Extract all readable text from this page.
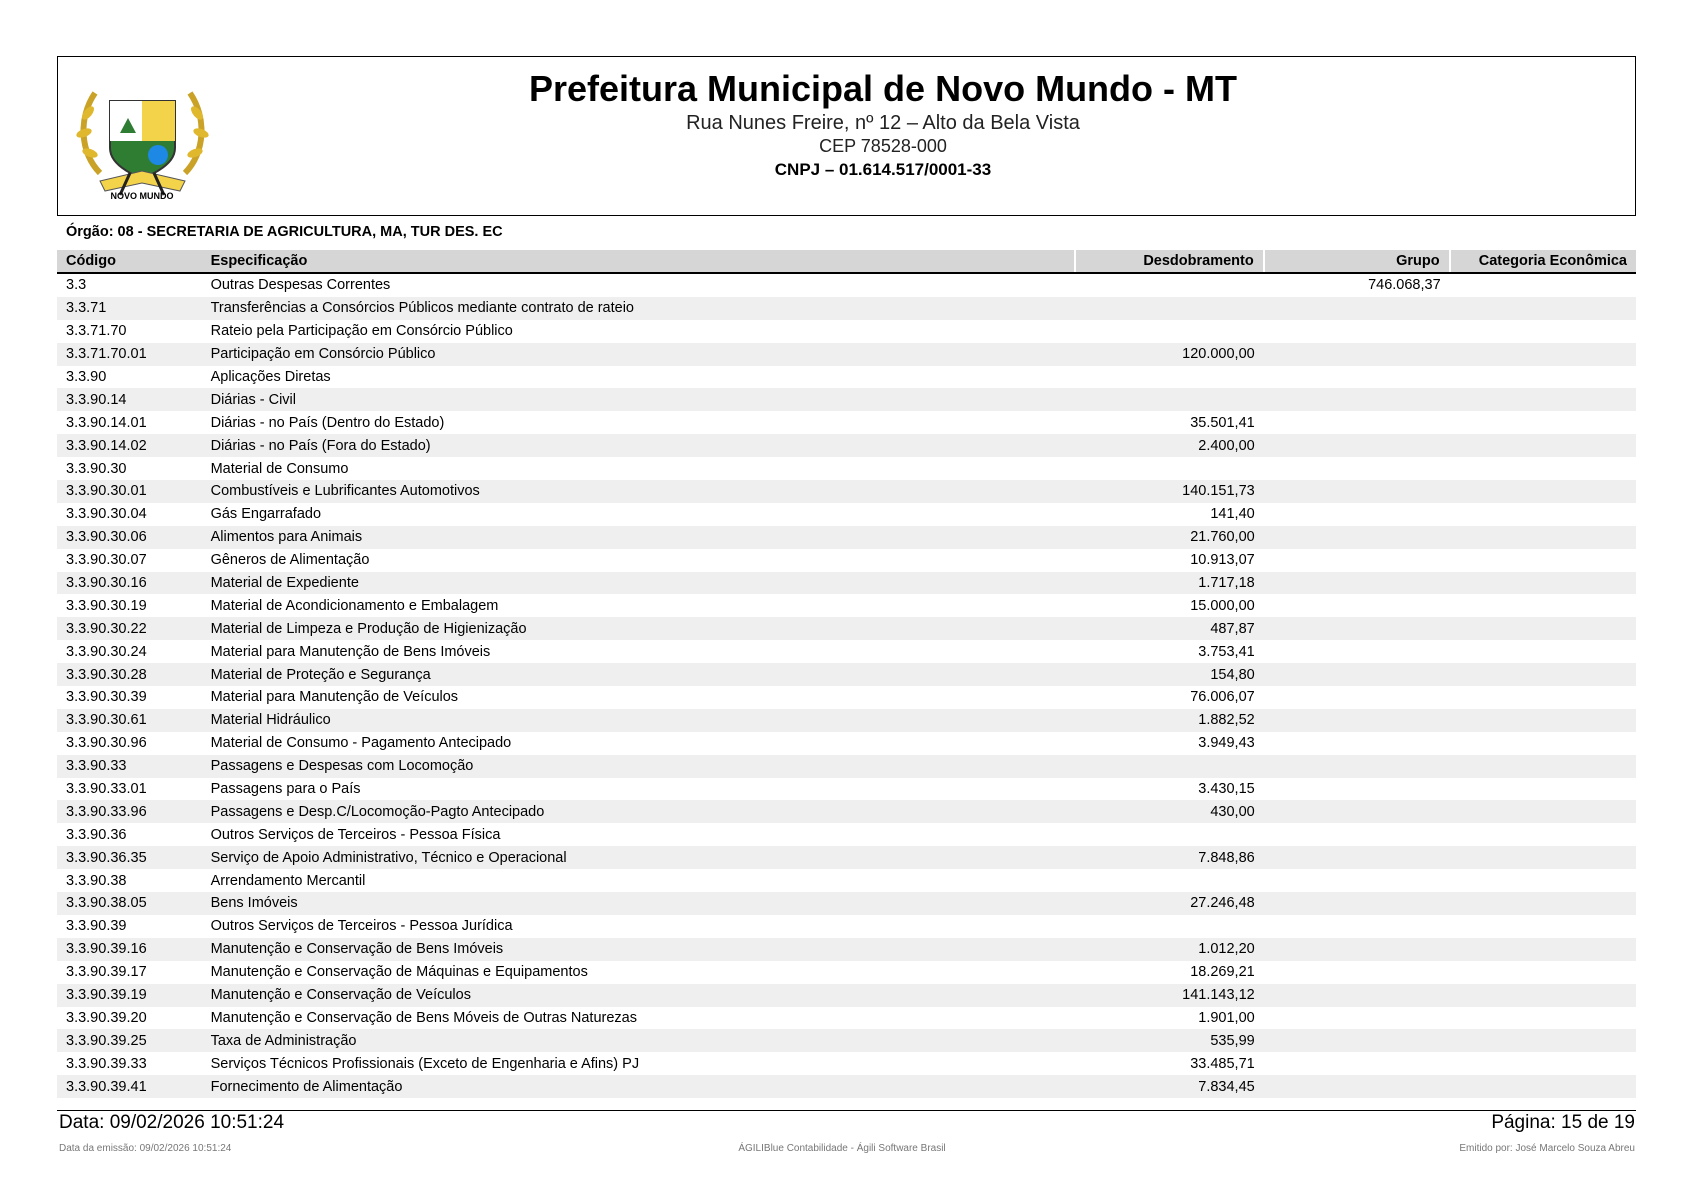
NOVO MUNDO
Prefeitura Municipal de Novo Mundo - MT
Rua Nunes Freire, nº 12 – Alto da Bela Vista
CEP 78528-000
CNPJ – 01.614.517/0001-33
Órgão: 08 - SECRETARIA DE AGRICULTURA, MA, TUR DES. EC
Código	Especificação	Desdobramento	Grupo	Categoria Econômica
3.3	Outras Despesas Correntes		746.068,37	
3.3.71	Transferências a Consórcios Públicos mediante contrato de rateio			
3.3.71.70	Rateio pela Participação em Consórcio Público			
3.3.71.70.01	Participação em Consórcio Público	120.000,00		
3.3.90	Aplicações Diretas			
3.3.90.14	Diárias - Civil			
3.3.90.14.01	Diárias - no País (Dentro do Estado)	35.501,41		
3.3.90.14.02	Diárias - no País (Fora do Estado)	2.400,00		
3.3.90.30	Material de Consumo			
3.3.90.30.01	Combustíveis e Lubrificantes Automotivos	140.151,73		
3.3.90.30.04	Gás Engarrafado	141,40		
3.3.90.30.06	Alimentos para Animais	21.760,00		
3.3.90.30.07	Gêneros de Alimentação	10.913,07		
3.3.90.30.16	Material de Expediente	1.717,18		
3.3.90.30.19	Material de Acondicionamento e Embalagem	15.000,00		
3.3.90.30.22	Material de Limpeza e Produção de Higienização	487,87		
3.3.90.30.24	Material para Manutenção de Bens Imóveis	3.753,41		
3.3.90.30.28	Material de Proteção e Segurança	154,80		
3.3.90.30.39	Material para Manutenção de Veículos	76.006,07		
3.3.90.30.61	Material Hidráulico	1.882,52		
3.3.90.30.96	Material de Consumo - Pagamento Antecipado	3.949,43		
3.3.90.33	Passagens e Despesas com Locomoção			
3.3.90.33.01	Passagens para o País	3.430,15		
3.3.90.33.96	Passagens e Desp.C/Locomoção-Pagto Antecipado	430,00		
3.3.90.36	Outros Serviços de Terceiros - Pessoa Física			
3.3.90.36.35	Serviço de Apoio Administrativo, Técnico e Operacional	7.848,86		
3.3.90.38	Arrendamento Mercantil			
3.3.90.38.05	Bens Imóveis	27.246,48		
3.3.90.39	Outros Serviços de Terceiros - Pessoa Jurídica			
3.3.90.39.16	Manutenção e Conservação de Bens Imóveis	1.012,20		
3.3.90.39.17	Manutenção e Conservação de Máquinas e Equipamentos	18.269,21		
3.3.90.39.19	Manutenção e Conservação de Veículos	141.143,12		
3.3.90.39.20	Manutenção e Conservação de Bens Móveis de Outras Naturezas	1.901,00		
3.3.90.39.25	Taxa de Administração	535,99		
3.3.90.39.33	Serviços Técnicos Profissionais (Exceto de Engenharia e Afins) PJ	33.485,71		
3.3.90.39.41	Fornecimento de Alimentação	7.834,45		
Data: 09/02/2026 10:51:24	Página: 15 de 19
Data da emissão: 09/02/2026 10:51:24	ÁGILIBlue Contabilidade - Ágili Software Brasil	Emitido por: José Marcelo Souza Abreu
